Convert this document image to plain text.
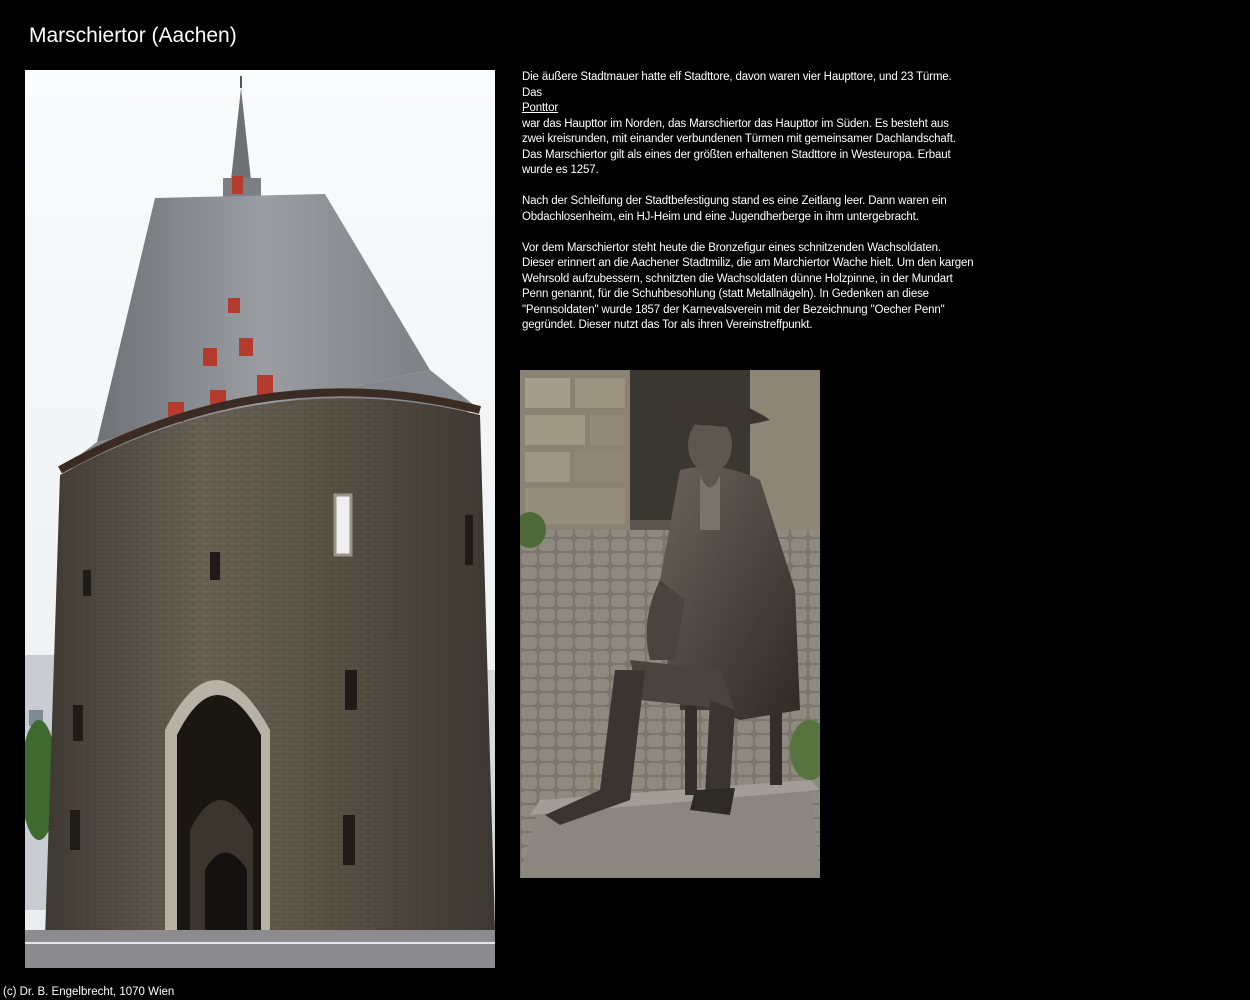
Marschiertor (Aachen)

Die äußere Stadtmauer hatte elf Stadttore, davon waren vier Haupttore, und 23 Türme. Das
Ponttor
war das Haupttor im Norden, das Marschiertor das Haupttor im Süden. Es besteht aus zwei kreisrunden, mit einander verbundenen Türmen mit gemeinsamer Dachlandschaft. Das Marschiertor gilt als eines der größten erhaltenen Stadttore in Westeuropa. Erbaut wurde es 1257.

Nach der Schleifung der Stadtbefestigung stand es eine Zeitlang leer. Dann waren ein Obdachlosenheim, ein HJ-Heim und eine Jugendherberge in ihm untergebracht.

Vor dem Marschiertor steht heute die Bronzefigur eines schnitzenden Wachsoldaten. Dieser erinnert an die Aachener Stadtmiliz, die am Marchiertor Wache hielt. Um den kargen Wehrsold aufzubessern, schnitzten die Wachsoldaten dünne Holzpinne, in der Mundart Penn genannt, für die Schuhbesohlung (statt Metallnägeln). In Gedenken an diese "Pennsoldaten" wurde 1857 der Karnevalsverein mit der Bezeichnung "Oecher Penn" gegründet. Dieser nutzt das Tor als ihren Vereinstreffpunkt.

(c) Dr. B. Engelbrecht, 1070 Wien
